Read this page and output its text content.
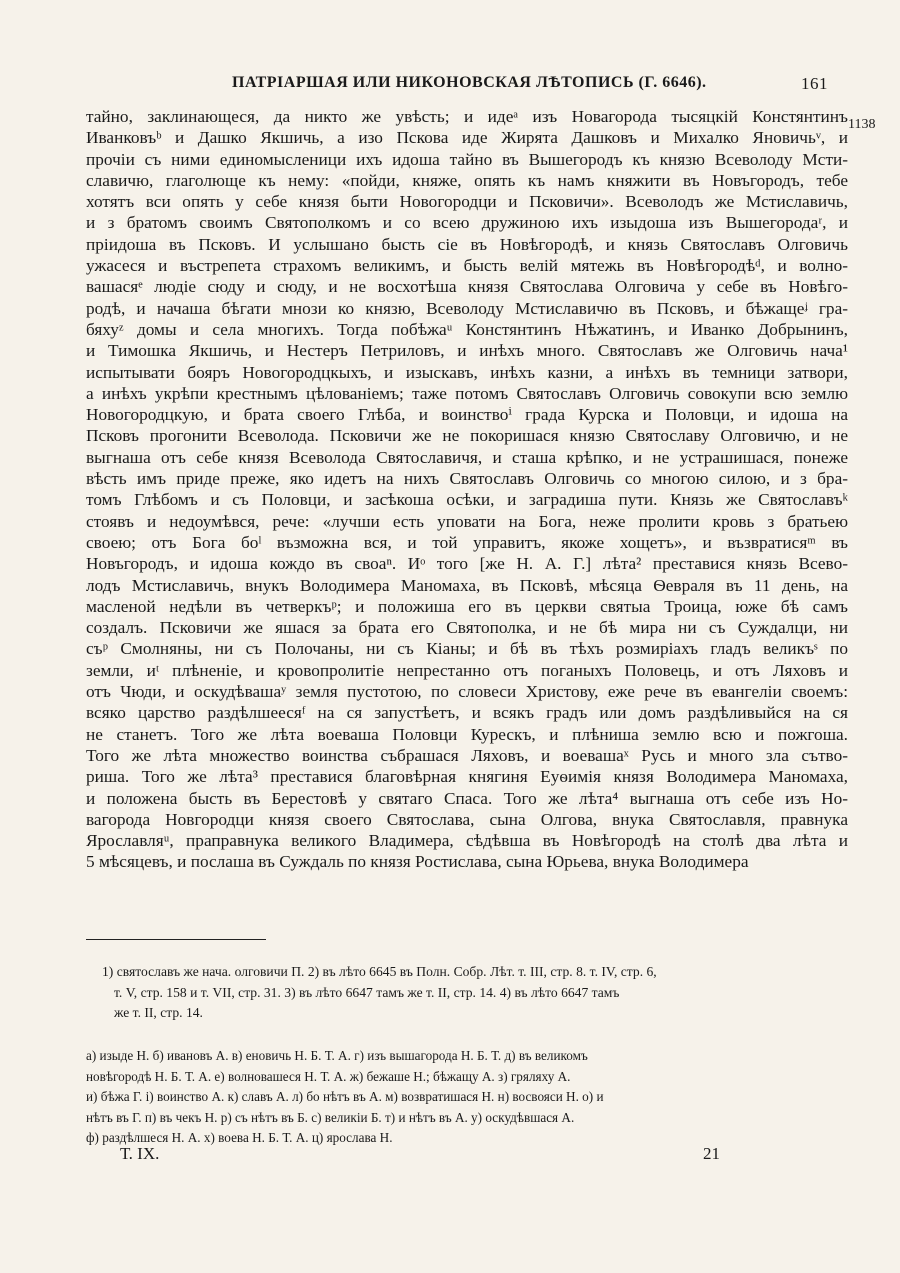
ПАТРІАРШАЯ ИЛИ НИКОНОВСКАЯ ЛѢТОПИСЬ (Г. 6646).	161
1138
тайно, заклинающеся, да никто же увѣсть; и идеᵃ изъ Новагорода тысяцкій Констянтинъ
Иванковъᵇ и Дашко Якшичь, а изо Пскова иде Жирята Дашковъ и Михалко Яновичьᵛ, и
прочіи съ ними единомысленици ихъ идоша тайно въ Вышегородъ къ князю Всеволоду Мсти-
славичю, глаголюще къ нему: «пойди, княже, опять къ намъ княжити въ Новъгородъ, тебе
хотятъ вси опять у себе князя быти Новогородци и Псковичи». Всеволодъ же Мстиславичь,
и з братомъ своимъ Святополкомъ и со всею дружиною ихъ изыдоша изъ Вышегородаʳ, и
пріидоша въ Псковъ. И услышано бысть сіе въ Новѣгородѣ, и князь Святославъ Олговичь
ужасеся и въстрепета страхомъ великимъ, и бысть велій мятежь въ Новѣгородѣᵈ, и волно-
вашасяᵉ людіе сюду и сюду, и не восхотѣша князя Святослава Олговича у себе въ Новѣго-
родѣ, и начаша бѣгати мнози ко князю, Всеволоду Мстиславичю въ Псковъ, и бѣжащеᶨ гра-
бяхуᶻ домы и села многихъ. Тогда побѣжаᵘ Констянтинъ Нѣжатинъ, и Иванко Добрынинъ,
и Тимошка Якшичь, и Нестеръ Петриловъ, и инѣхъ много. Святославъ же Олговичь нача¹
испытывати бояръ Новогородцкыхъ, и изыскавъ, инѣхъ казни, а инѣхъ въ темници затвори,
а инѣхъ укрѣпи крестнымъ цѣлованіемъ; таже потомъ Святославъ Олговичь совокупи всю землю
Новогородцкую, и брата своего Глѣба, и воинствоⁱ града Курска и Половци, и идоша на
Псковъ прогонити Всеволода. Псковичи же не покоришася князю Святославу Олговичю, и не
выгнаша отъ себе князя Всеволода Святославичя, и сташа крѣпко, и не устрашишася, понеже
вѣсть имъ приде преже, яко идетъ на нихъ Святославъ Олговичь со многою силою, и з бра-
томъ Глѣбомъ и съ Половци, и засѣкоша осѣки, и заградиша пути. Князь же Святославъᵏ
стоявъ и недоумѣвся, рече: «лучши есть уповати на Бога, неже пролити кровь з братьею
своею; отъ Бога боˡ възможна вся, и той управитъ, якоже хощетъ», и възвратисяᵐ въ
Новъгородъ, и идоша кождо въ своаⁿ. Иᵒ того [же Н. А. Г.] лѣта² преставися князь Всево-
лодъ Мстиславичь, внукъ Володимера Маномаха, въ Псковѣ, мѣсяца Ѳевраля въ 11 день, на
масленой недѣли въ четверкъᵖ; и положиша его въ церкви святыа Троица, юже бѣ самъ
создалъ. Псковичи же яшася за брата его Святополка, и не бѣ мира ни съ Суждалци, ни
съᵖ Смолняны, ни съ Полочаны, ни съ Кіаны; и бѣ въ тѣхъ розмиріахъ гладъ великъˢ по
земли, иᵗ плѣненіе, и кровопролитіе непрестанно отъ поганыхъ Половець, и отъ Ляховъ и
отъ Чюди, и оскудѣвашаʸ земля пустотою, по словеси Христову, еже рече въ евангеліи своемъ:
всяко царство раздѣлшеесяᶠ на ся запустѣетъ, и всякъ градъ или домъ раздѣливыйся на ся
не станетъ. Того же лѣта воеваша Половци Курескъ, и плѣниша землю всю и пожгоша.
Того же лѣта множество воинства събрашася Ляховъ, и воевашаˣ Русь и много зла сътво-
риша. Того же лѣта³ преставися благовѣрная княгиня Еуѳимія князя Володимера Маномаха,
и положена бысть въ Берестовѣ у святаго Спаса. Того же лѣта⁴ выгнаша отъ себе изъ Но-
вагорода Новгородци князя своего Святослава, сына Олгова, внука Святославля, правнука
Ярославляᵘ, праправнука великого Владимера, сѣдѣвша въ Новѣгородѣ на столѣ два лѣта и
5 мѣсяцевъ, и послаша въ Суждаль по князя Ростислава, сына Юрьева, внука Володимера
1) святославъ же нача. олговичи П. 2) въ лѣто 6645 въ Полн. Собр. Лѣт. т. III, стр. 8. т. IV, стр. 6,
т. V, стр. 158 и т. VII, стр. 31. 3) въ лѣто 6647 тамъ же т. II, стр. 14. 4) въ лѣто 6647 тамъ
же т. II, стр. 14.
а) изыде Н. б) ивановъ А. в) еновичь Н. Б. Т. А. г) изъ вышагорода Н. Б. Т. д) въ великомъ
новѣгородѣ Н. Б. Т. А. е) волновашеся Н. Т. А. ж) бежаше Н.; бѣжащу А. з) гряляху А.
и) бѣжа Г. і) воинство А. к) славъ А. л) бо нѣтъ въ А. м) возвратишася Н. н) восвояси Н. о) и
нѣтъ въ Г. п) въ чекъ Н. р) съ нѣтъ въ Б. с) великіи Б. т) и нѣтъ въ А. у) оскудѣвшася А.
ф) раздѣлшеся Н. А. х) воева Н. Б. Т. А. ц) ярослава Н.
Т. IX.	21
